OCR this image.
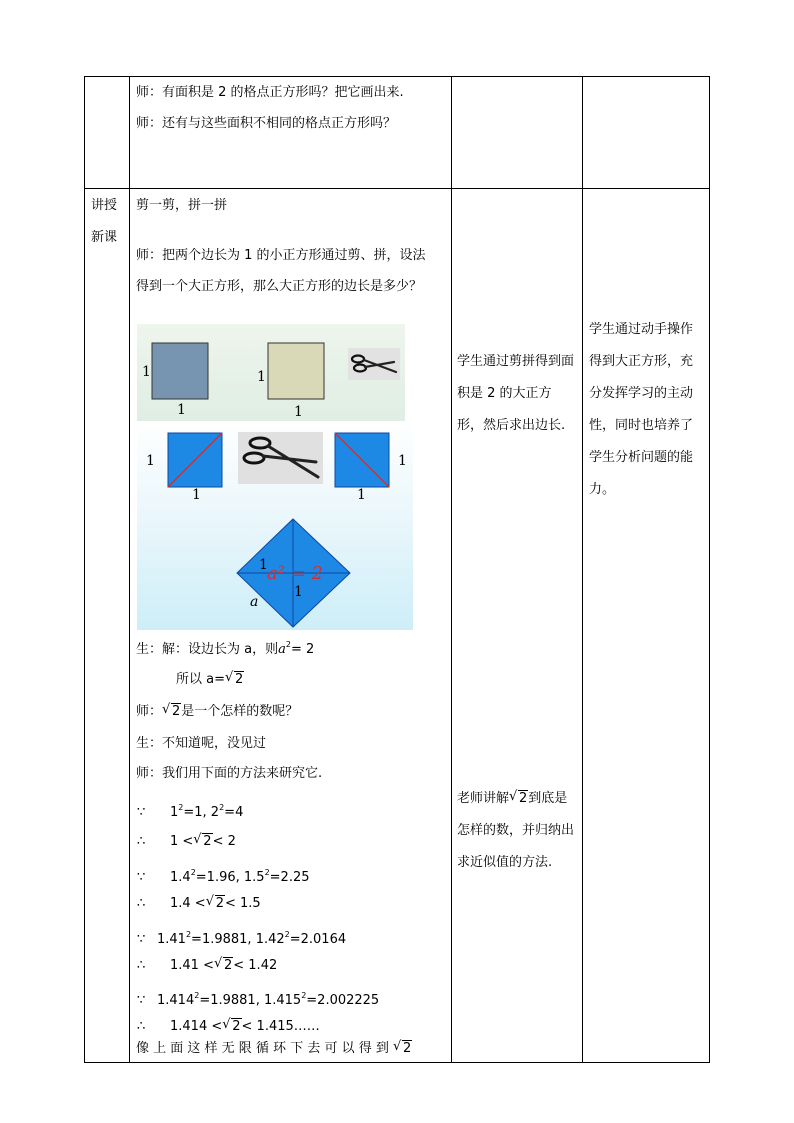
师：有面积是 2 的格点正方形吗？把它画出来.
师：还有与这些面积不相同的格点正方形吗？
讲授
新课
剪一剪，拼一拼
师：把两个边长为 1 的小正方形通过剪、拼，设法
得到一个大正方形，那么大正方形的边长是多少？
1
1
1
1
1
1
1
1
1
1
a² = 2
a
生：解：设边长为 a，则$a^2= 2$
所以 a= √ 2
师： √ 2是一个怎样的数呢？
生：不知道呢，没见过
师：我们用下面的方法来研究它.
∵ $1^2=1$, $2^2=4$
∴ 1 < √ 2< 2
∵ $1.4^2=1.96$, $1.5^2=2.25$
∴ 1.4 < √ 2< 1.5
∵ $1.41^2=1.9881$, $1.42^2=2.0164$
∴ 1.41 < √ 2< 1.42
∵ $1.414^2=1.9881$, $1.415^2=2.002225$
∴ 1.414 < √ 2< 1.415……
像 上 面 这 样 无 限 循 环 下 去 可 以 得 到 √ 2
学生通过剪拼得到面积是 2 的大正方形，然后求出边长.
老师讲解 √ 2到底是怎样的数，并归纳出求近似值的方法.
学生通过动手操作得到大正方形，充分发挥学习的主动性，同时也培养了学生分析问题的能力。
